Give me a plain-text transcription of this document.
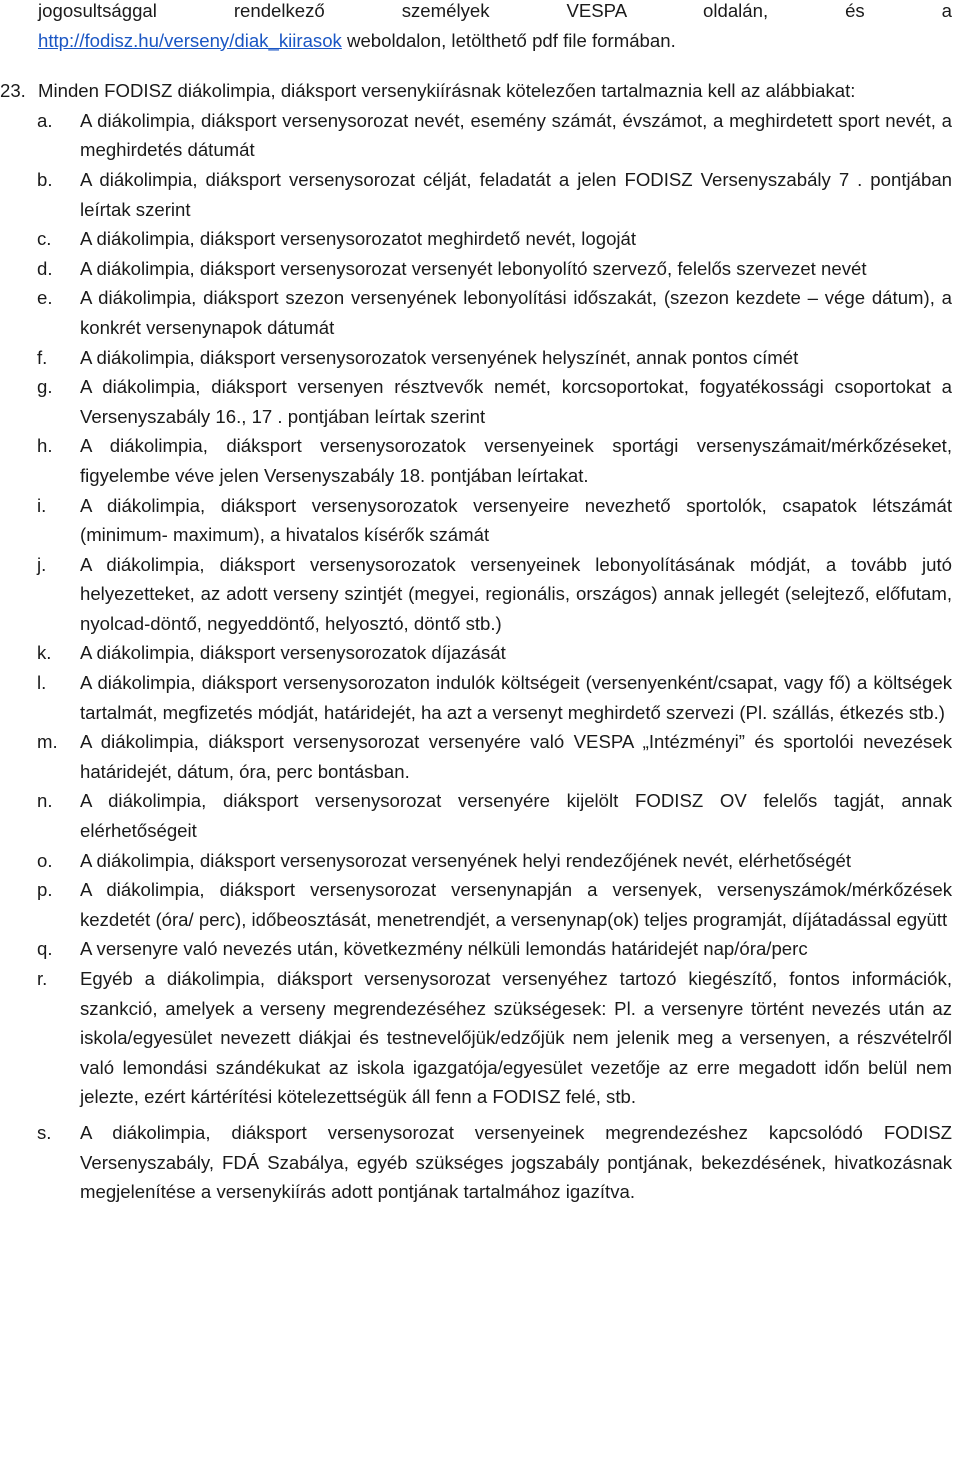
jogosultsággal rendelkező személyek VESPA oldalán, és a
http://fodisz.hu/verseny/diak_kiirasok weboldalon, letölthető pdf file formában.
23. Minden FODISZ diákolimpia, diáksport versenykiírásnak kötelezően tartalmaznia kell az alábbiakat:
a. A diákolimpia, diáksport versenysorozat nevét, esemény számát, évszámot, a meghirdetett sport nevét, a meghirdetés dátumát
b. A diákolimpia, diáksport versenysorozat célját, feladatát a jelen FODISZ Versenyszabály 7 . pontjában leírtak szerint
c. A diákolimpia, diáksport versenysorozatot meghirdető nevét, logoját
d. A diákolimpia, diáksport versenysorozat versenyét lebonyolító szervező, felelős szervezet nevét
e. A diákolimpia, diáksport szezon versenyének lebonyolítási időszakát, (szezon kezdete – vége dátum), a konkrét versenynapok dátumát
f. A diákolimpia, diáksport versenysorozatok versenyének helyszínét, annak pontos címét
g. A diákolimpia, diáksport versenyen résztvevők nemét, korcsoportokat, fogyatékossági csoportokat a Versenyszabály 16., 17 . pontjában leírtak szerint
h. A diákolimpia, diáksport versenysorozatok versenyeinek sportági versenyszámait/mérkőzéseket, figyelembe véve jelen Versenyszabály 18. pontjában leírtakat.
i. A diákolimpia, diáksport versenysorozatok versenyeire nevezhető sportolók, csapatok létszámát (minimum- maximum), a hivatalos kísérők számát
j. A diákolimpia, diáksport versenysorozatok versenyeinek lebonyolításának módját, a tovább jutó helyezetteket, az adott verseny szintjét (megyei, regionális, országos) annak jellegét (selejtező, előfutam, nyolcad-döntő, negyeddöntő, helyosztó, döntő stb.)
k. A diákolimpia, diáksport versenysorozatok díjazását
l. A diákolimpia, diáksport versenysorozaton indulók költségeit (versenyenként/csapat, vagy fő) a költségek tartalmát, megfizetés módját, határidejét, ha azt a versenyt meghirdető szervezi (Pl. szállás, étkezés stb.)
m. A diákolimpia, diáksport versenysorozat versenyére való VESPA „Intézményi” és sportolói nevezések határidejét, dátum, óra, perc bontásban.
n. A diákolimpia, diáksport versenysorozat versenyére kijelölt FODISZ OV felelős tagját, annak elérhetőségeit
o. A diákolimpia, diáksport versenysorozat versenyének helyi rendezőjének nevét, elérhetőségét
p. A diákolimpia, diáksport versenysorozat versenynapján a versenyek, versenyszámok/mérkőzések kezdetét (óra/ perc), időbeosztását, menetrendjét, a versenynap(ok) teljes programját, díjátadással együtt
q. A versenyre való nevezés után, következmény nélküli lemondás határidejét nap/óra/perc
r. Egyéb a diákolimpia, diáksport versenysorozat versenyéhez tartozó kiegészítő, fontos információk, szankció, amelyek a verseny megrendezéséhez szükségesek: Pl. a versenyre történt nevezés után az iskola/egyesület nevezett diákjai és testnevelőjük/edzőjük nem jelenik meg a versenyen, a részvételről való lemondási szándékukat az iskola igazgatója/egyesület vezetője az erre megadott időn belül nem jelezte, ezért kártérítési kötelezettségük áll fenn a FODISZ felé, stb.
s. A diákolimpia, diáksport versenysorozat versenyeinek megrendezéshez kapcsolódó FODISZ Versenyszabály, FDÁ Szabálya, egyéb szükséges jogszabály pontjának, bekezdésének, hivatkozásnak megjelenítése a versenykiírás adott pontjának tartalmához igazítva.
